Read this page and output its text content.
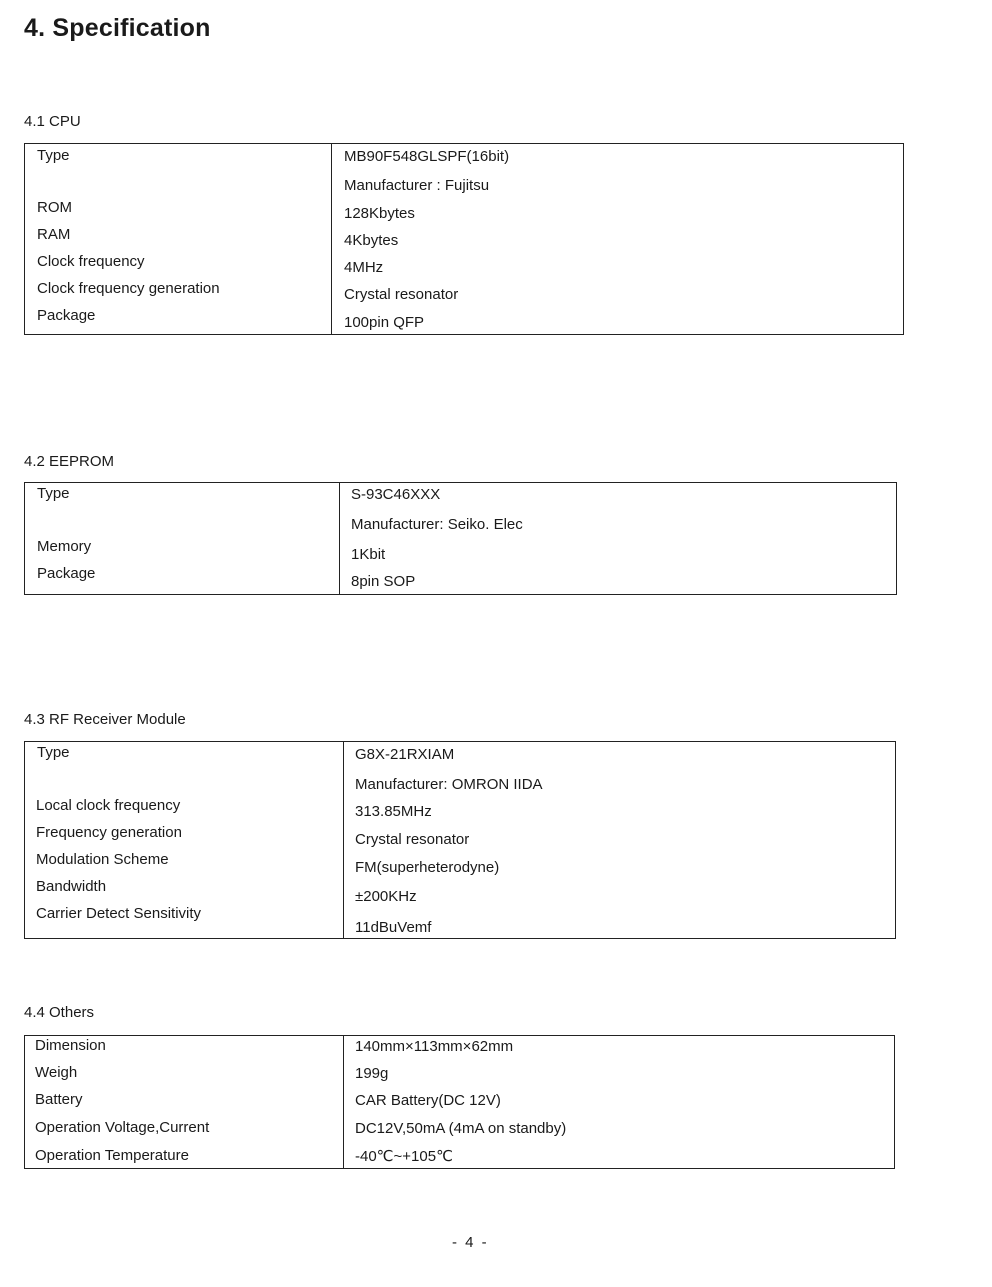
4. Specification
4.1 CPU
Type
ROM
RAM
Clock frequency
Clock frequency generation
Package
MB90F548GLSPF(16bit)
Manufacturer : Fujitsu
128Kbytes
4Kbytes
4MHz
Crystal resonator
100pin QFP
4.2 EEPROM
Type
Memory
Package
S-93C46XXX
Manufacturer: Seiko. Elec
1Kbit
8pin SOP
4.3 RF Receiver Module
Type
Local clock frequency
Frequency generation
Modulation Scheme
Bandwidth
Carrier Detect Sensitivity
G8X-21RXIAM
Manufacturer: OMRON IIDA
313.85MHz
Crystal resonator
FM(superheterodyne)
±200KHz
11dBuVemf
4.4 Others
Dimension
Weigh
Battery
Operation Voltage,Current
Operation Temperature
140mm×113mm×62mm
199g
CAR Battery(DC 12V)
DC12V,50mA (4mA on standby)
-40℃~+105℃
- 4 -
